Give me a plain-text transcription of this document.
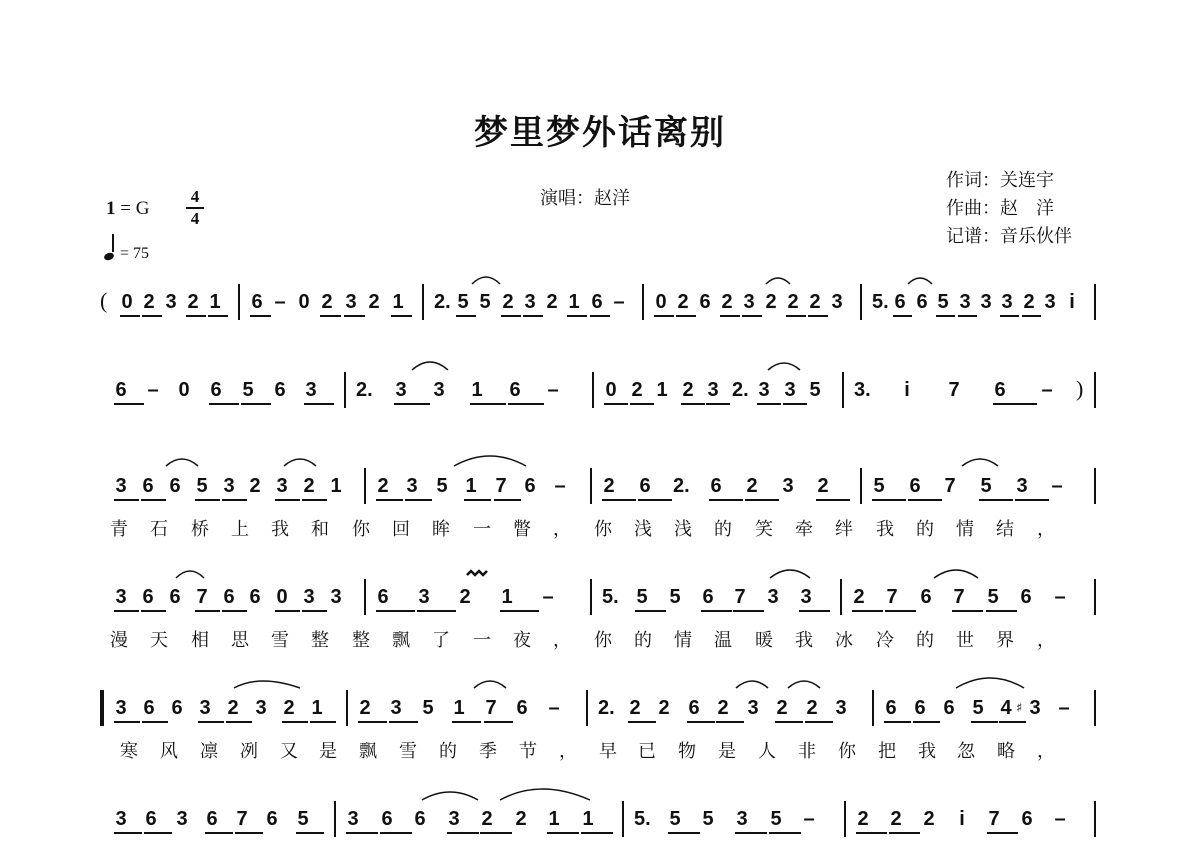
梦里梦外话离别
1 = G
4
4
= 75
演唱：赵洋
作词：关连宇
作曲：赵　洋
记谱：音乐伙伴
0 2 3 2 1 6 – 0 2 3 2 1 2. 5 5 2 3 2 1 6 – 0 2 6 2 3 2 2 2 3 5. 6 6 5 3 3 3 2 3 i
6 – 0 6 5 6 3 2. 3 3 1 6 – 0 2 1 2 3 2. 3 3 5 3. i 7 6 –
3 6 6 5 3 2 3 2 1 2 3 5 1 7 6 – 2 6 2. 6 2 3 2 5 6 7 5 3 –
3 6 6 7 6 6 0 3 3 6 3 2 1 – 5. 5 5 6 7 3 3 2 7 6 7 5 6 –
3 6 6 3 2 3 2 1 2 3 5 1 7 6 – 2. 2 2 6 2 3 2 2 3 6 6 6 5 4 3 –
3 6 3 6 7 6 5 3 6 6 3 2 2 1 1 5. 5 5 3 5 – 2 2 2 i 7 6 –
(
)
青 石 桥 上 我 和 你 回 眸 一 瞥 ， 你 浅 浅 的 笑 牵 绊 我 的 情 结 ，
漫 天 相 思 雪 整 整 飘 了 一 夜 ， 你 的 情 温 暖 我 冰 冷 的 世 界 ，
寒 风 凛 冽 又 是 飘 雪 的 季 节 ， 早 已 物 是 人 非 你 把 我 忽 略 ，
♯
